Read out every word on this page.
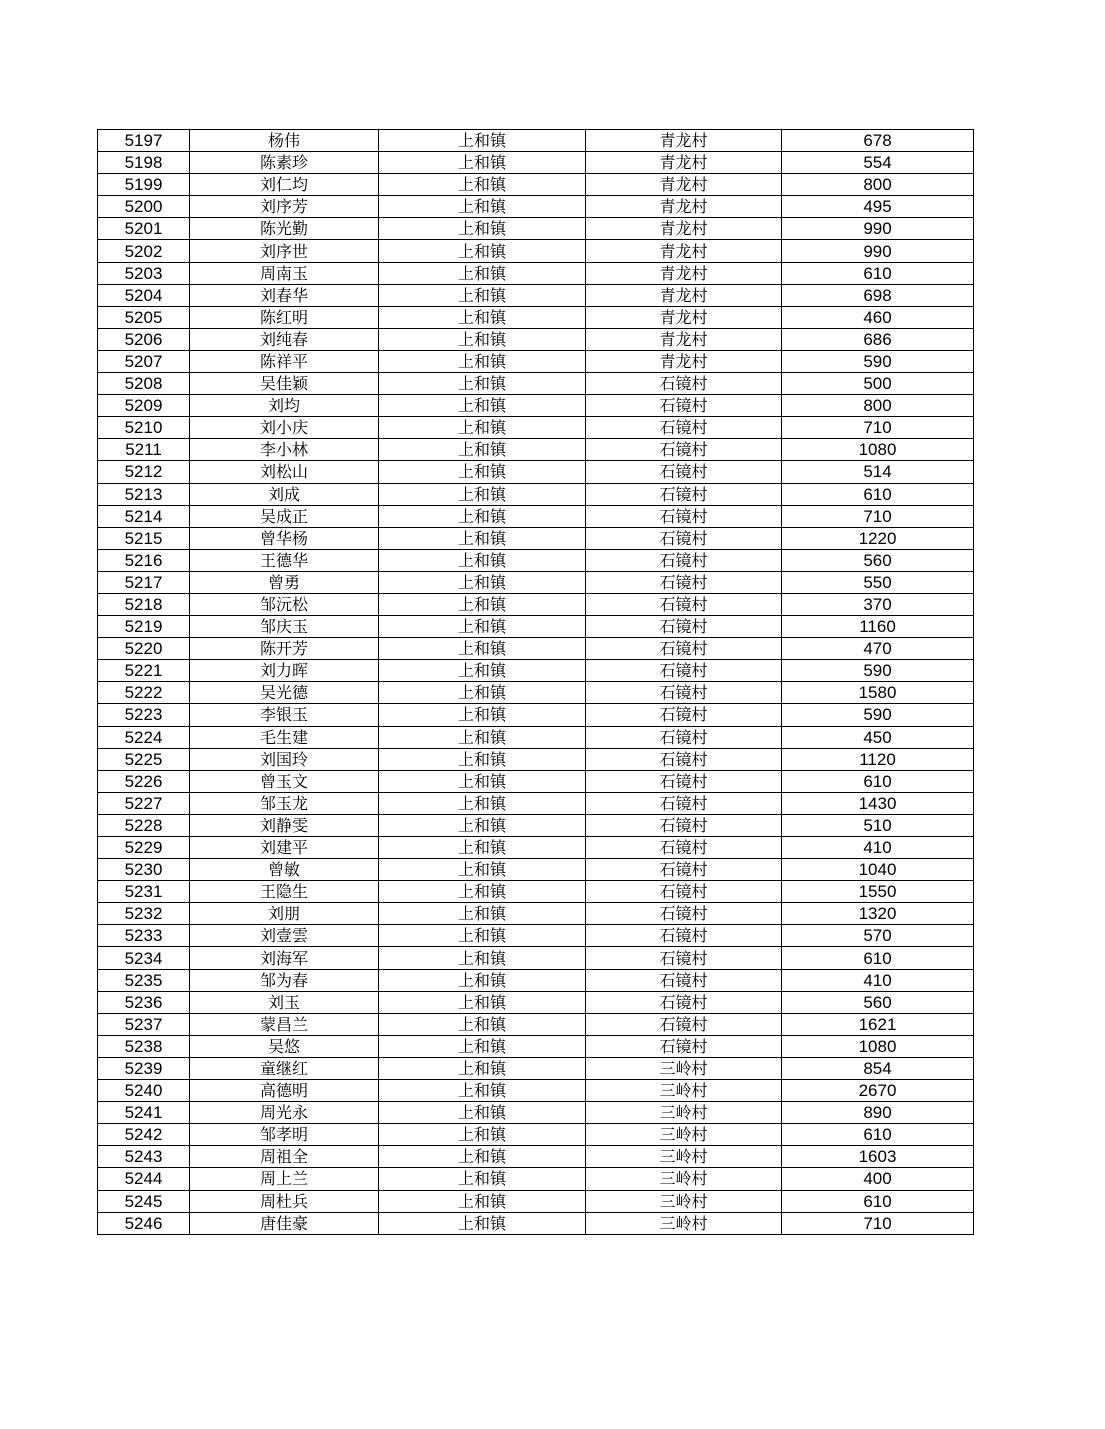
5197	杨伟	上和镇	青龙村	678
5198	陈素珍	上和镇	青龙村	554
5199	刘仁均	上和镇	青龙村	800
5200	刘序芳	上和镇	青龙村	495
5201	陈光勤	上和镇	青龙村	990
5202	刘序世	上和镇	青龙村	990
5203	周南玉	上和镇	青龙村	610
5204	刘春华	上和镇	青龙村	698
5205	陈红明	上和镇	青龙村	460
5206	刘纯春	上和镇	青龙村	686
5207	陈祥平	上和镇	青龙村	590
5208	吴佳颖	上和镇	石镜村	500
5209	刘均	上和镇	石镜村	800
5210	刘小庆	上和镇	石镜村	710
5211	李小林	上和镇	石镜村	1080
5212	刘松山	上和镇	石镜村	514
5213	刘成	上和镇	石镜村	610
5214	吴成正	上和镇	石镜村	710
5215	曾华杨	上和镇	石镜村	1220
5216	王德华	上和镇	石镜村	560
5217	曾勇	上和镇	石镜村	550
5218	邹沅松	上和镇	石镜村	370
5219	邹庆玉	上和镇	石镜村	1160
5220	陈开芳	上和镇	石镜村	470
5221	刘力晖	上和镇	石镜村	590
5222	吴光德	上和镇	石镜村	1580
5223	李银玉	上和镇	石镜村	590
5224	毛生建	上和镇	石镜村	450
5225	刘国玲	上和镇	石镜村	1120
5226	曾玉文	上和镇	石镜村	610
5227	邹玉龙	上和镇	石镜村	1430
5228	刘静雯	上和镇	石镜村	510
5229	刘建平	上和镇	石镜村	410
5230	曾敏	上和镇	石镜村	1040
5231	王隐生	上和镇	石镜村	1550
5232	刘朋	上和镇	石镜村	1320
5233	刘壹雲	上和镇	石镜村	570
5234	刘海军	上和镇	石镜村	610
5235	邹为春	上和镇	石镜村	410
5236	刘玉	上和镇	石镜村	560
5237	蒙昌兰	上和镇	石镜村	1621
5238	吴悠	上和镇	石镜村	1080
5239	童继红	上和镇	三岭村	854
5240	高德明	上和镇	三岭村	2670
5241	周光永	上和镇	三岭村	890
5242	邹孝明	上和镇	三岭村	610
5243	周祖全	上和镇	三岭村	1603
5244	周上兰	上和镇	三岭村	400
5245	周杜兵	上和镇	三岭村	610
5246	唐佳豪	上和镇	三岭村	710
